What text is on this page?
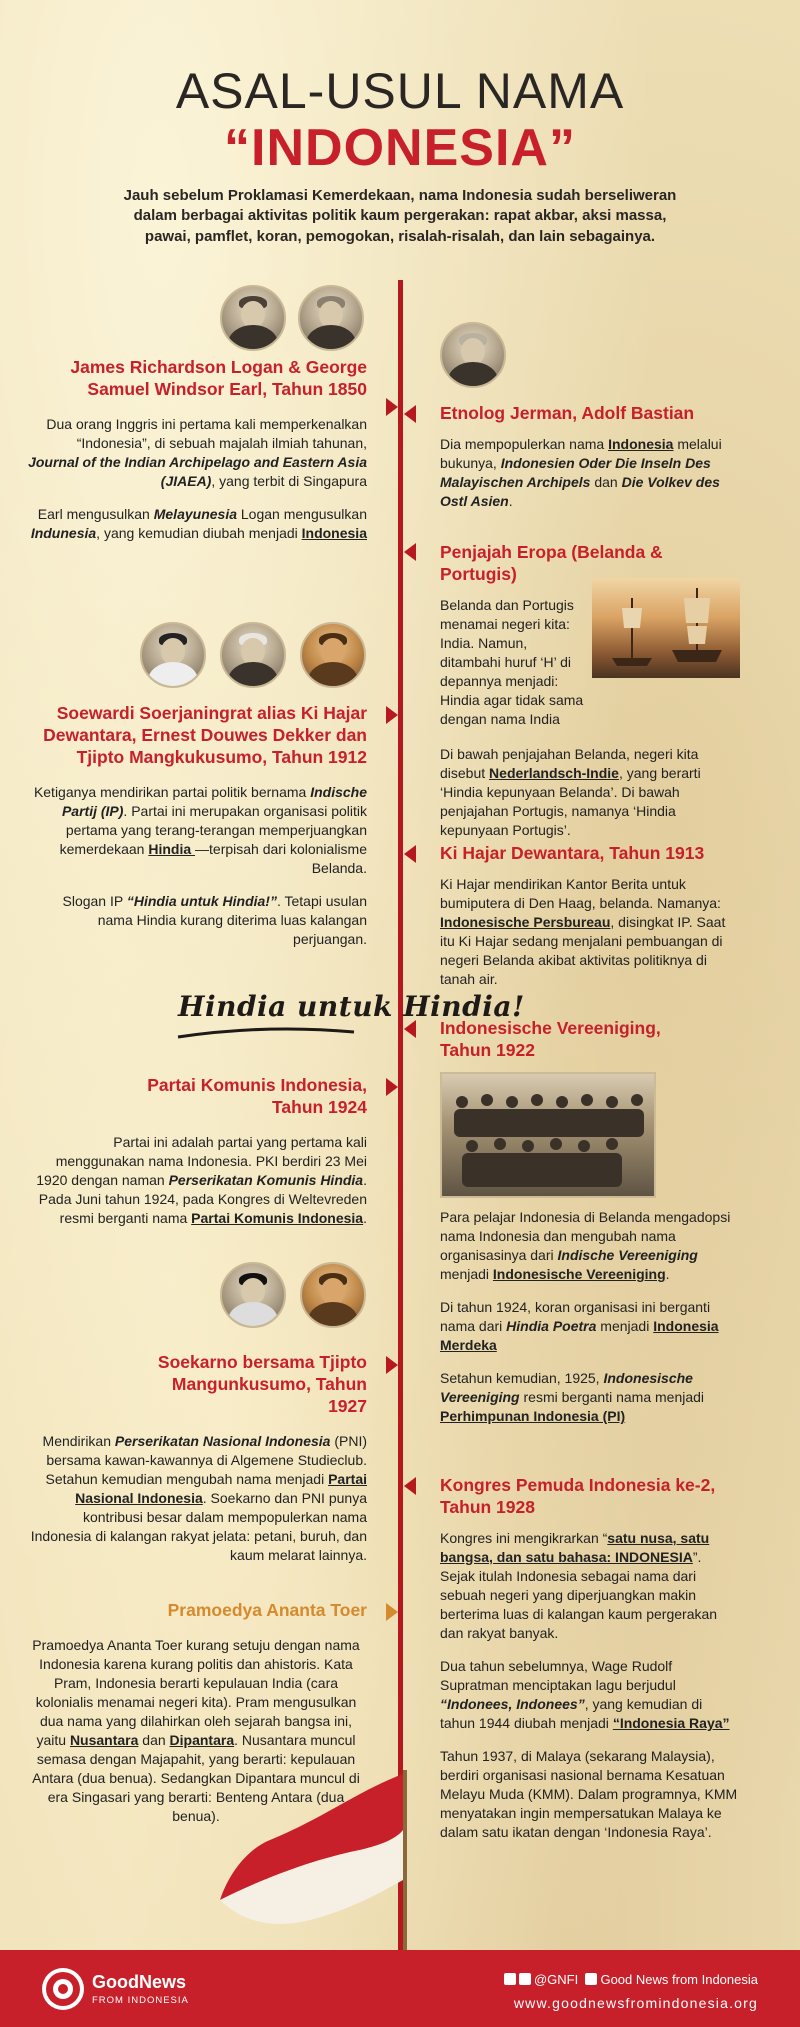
ASAL-USUL NAMA
“INDONESIA”
Jauh sebelum Proklamasi Kemerdekaan, nama Indonesia sudah berseliweran dalam berbagai aktivitas politik kaum pergerakan: rapat akbar, aksi massa, pawai, pamflet, koran, pemogokan, risalah-risalah, dan lain sebagainya.
James Richardson Logan & George Samuel Windsor Earl, Tahun 1850
Dua orang Inggris ini pertama kali memperkenalkan “Indonesia”, di sebuah majalah ilmiah tahunan, Journal of the Indian Archipelago and Eastern Asia (JIAEA), yang terbit di Singapura
Earl mengusulkan Melayunesia Logan mengusulkan Indunesia, yang kemudian diubah menjadi Indonesia
Etnolog Jerman, Adolf Bastian
Dia mempopulerkan nama Indonesia melalui bukunya, Indonesien Oder Die Inseln Des Malayischen Archipels dan Die Volkev des Ostl Asien.
Penjajah Eropa (Belanda & Portugis)
Belanda dan Portugis menamai negeri kita: India. Namun, ditambahi huruf ‘H’ di depannya menjadi: Hindia agar tidak sama dengan nama India
Di bawah penjajahan Belanda, negeri kita disebut Nederlandsch-Indie, yang berarti ‘Hindia kepunyaan Belanda’. Di bawah penjajahan Portugis, namanya ‘Hindia kepunyaan Portugis’.
Soewardi Soerjaningrat alias Ki Hajar Dewantara, Ernest Douwes Dekker dan Tjipto Mangkukusumo, Tahun 1912
Ketiganya mendirikan partai politik bernama Indische Partij (IP). Partai ini merupakan organisasi politik pertama yang terang-terangan memperjuangkan kemerdekaan Hindia —terpisah dari kolonialisme Belanda.
Slogan IP “Hindia untuk Hindia!”. Tetapi usulan nama Hindia kurang diterima luas kalangan perjuangan.
Ki Hajar Dewantara, Tahun 1913
Ki Hajar mendirikan Kantor Berita untuk bumiputera di Den Haag, belanda. Namanya: Indonesische Persbureau, disingkat IP. Saat itu Ki Hajar sedang menjalani pembuangan di negeri Belanda akibat aktivitas politiknya di tanah air.
Hindia untuk Hindia!
Indonesische Vereeniging, Tahun 1922
Para pelajar Indonesia di Belanda mengadopsi nama Indonesia dan mengubah nama organisasinya dari Indische Vereeniging menjadi Indonesische Vereeniging.
Di tahun 1924, koran organisasi ini berganti nama dari Hindia Poetra menjadi Indonesia Merdeka
Setahun kemudian, 1925, Indonesische Vereeniging resmi berganti nama menjadi Perhimpunan Indonesia (PI)
Partai Komunis Indonesia, Tahun 1924
Partai ini adalah partai yang pertama kali menggunakan nama Indonesia. PKI berdiri 23 Mei 1920 dengan naman Perserikatan Komunis Hindia. Pada Juni tahun 1924, pada Kongres di Weltevreden resmi berganti nama Partai Komunis Indonesia.
Soekarno bersama Tjipto Mangunkusumo, Tahun 1927
Mendirikan Perserikatan Nasional Indonesia (PNI) bersama kawan-kawannya di Algemene Studieclub. Setahun kemudian mengubah nama menjadi Partai Nasional Indonesia. Soekarno dan PNI punya kontribusi besar dalam mempopulerkan nama Indonesia di kalangan rakyat jelata: petani, buruh, dan kaum melarat lainnya.
Kongres Pemuda Indonesia ke-2, Tahun 1928
Kongres ini mengikrarkan “satu nusa, satu bangsa, dan satu bahasa: INDONESIA”. Sejak itulah Indonesia sebagai nama dari sebuah negeri yang diperjuangkan makin berterima luas di kalangan kaum pergerakan dan rakyat banyak.
Dua tahun sebelumnya, Wage Rudolf Supratman menciptakan lagu berjudul “Indonees, Indonees”, yang kemudian di tahun 1944 diubah menjadi “Indonesia Raya”
Tahun 1937, di Malaya (sekarang Malaysia), berdiri organisasi nasional bernama Kesatuan Melayu Muda (KMM). Dalam programnya, KMM menyatakan ingin mempersatukan Malaya ke dalam satu ikatan dengan ‘Indonesia Raya’.
Pramoedya Ananta Toer
Pramoedya Ananta Toer kurang setuju dengan nama Indonesia karena kurang politis dan ahistoris. Kata Pram, Indonesia berarti kepulauan India (cara kolonialis menamai negeri kita). Pram mengusulkan dua nama yang dilahirkan oleh sejarah bangsa ini, yaitu Nusantara dan Dipantara. Nusantara muncul semasa dengan Majapahit, yang berarti: kepulauan Antara (dua benua). Sedangkan Dipantara muncul di era Singasari yang berarti: Benteng Antara (dua benua).
GoodNews
FROM INDONESIA
@GNFI Good News from Indonesia
www.goodnewsfromindonesia.org
